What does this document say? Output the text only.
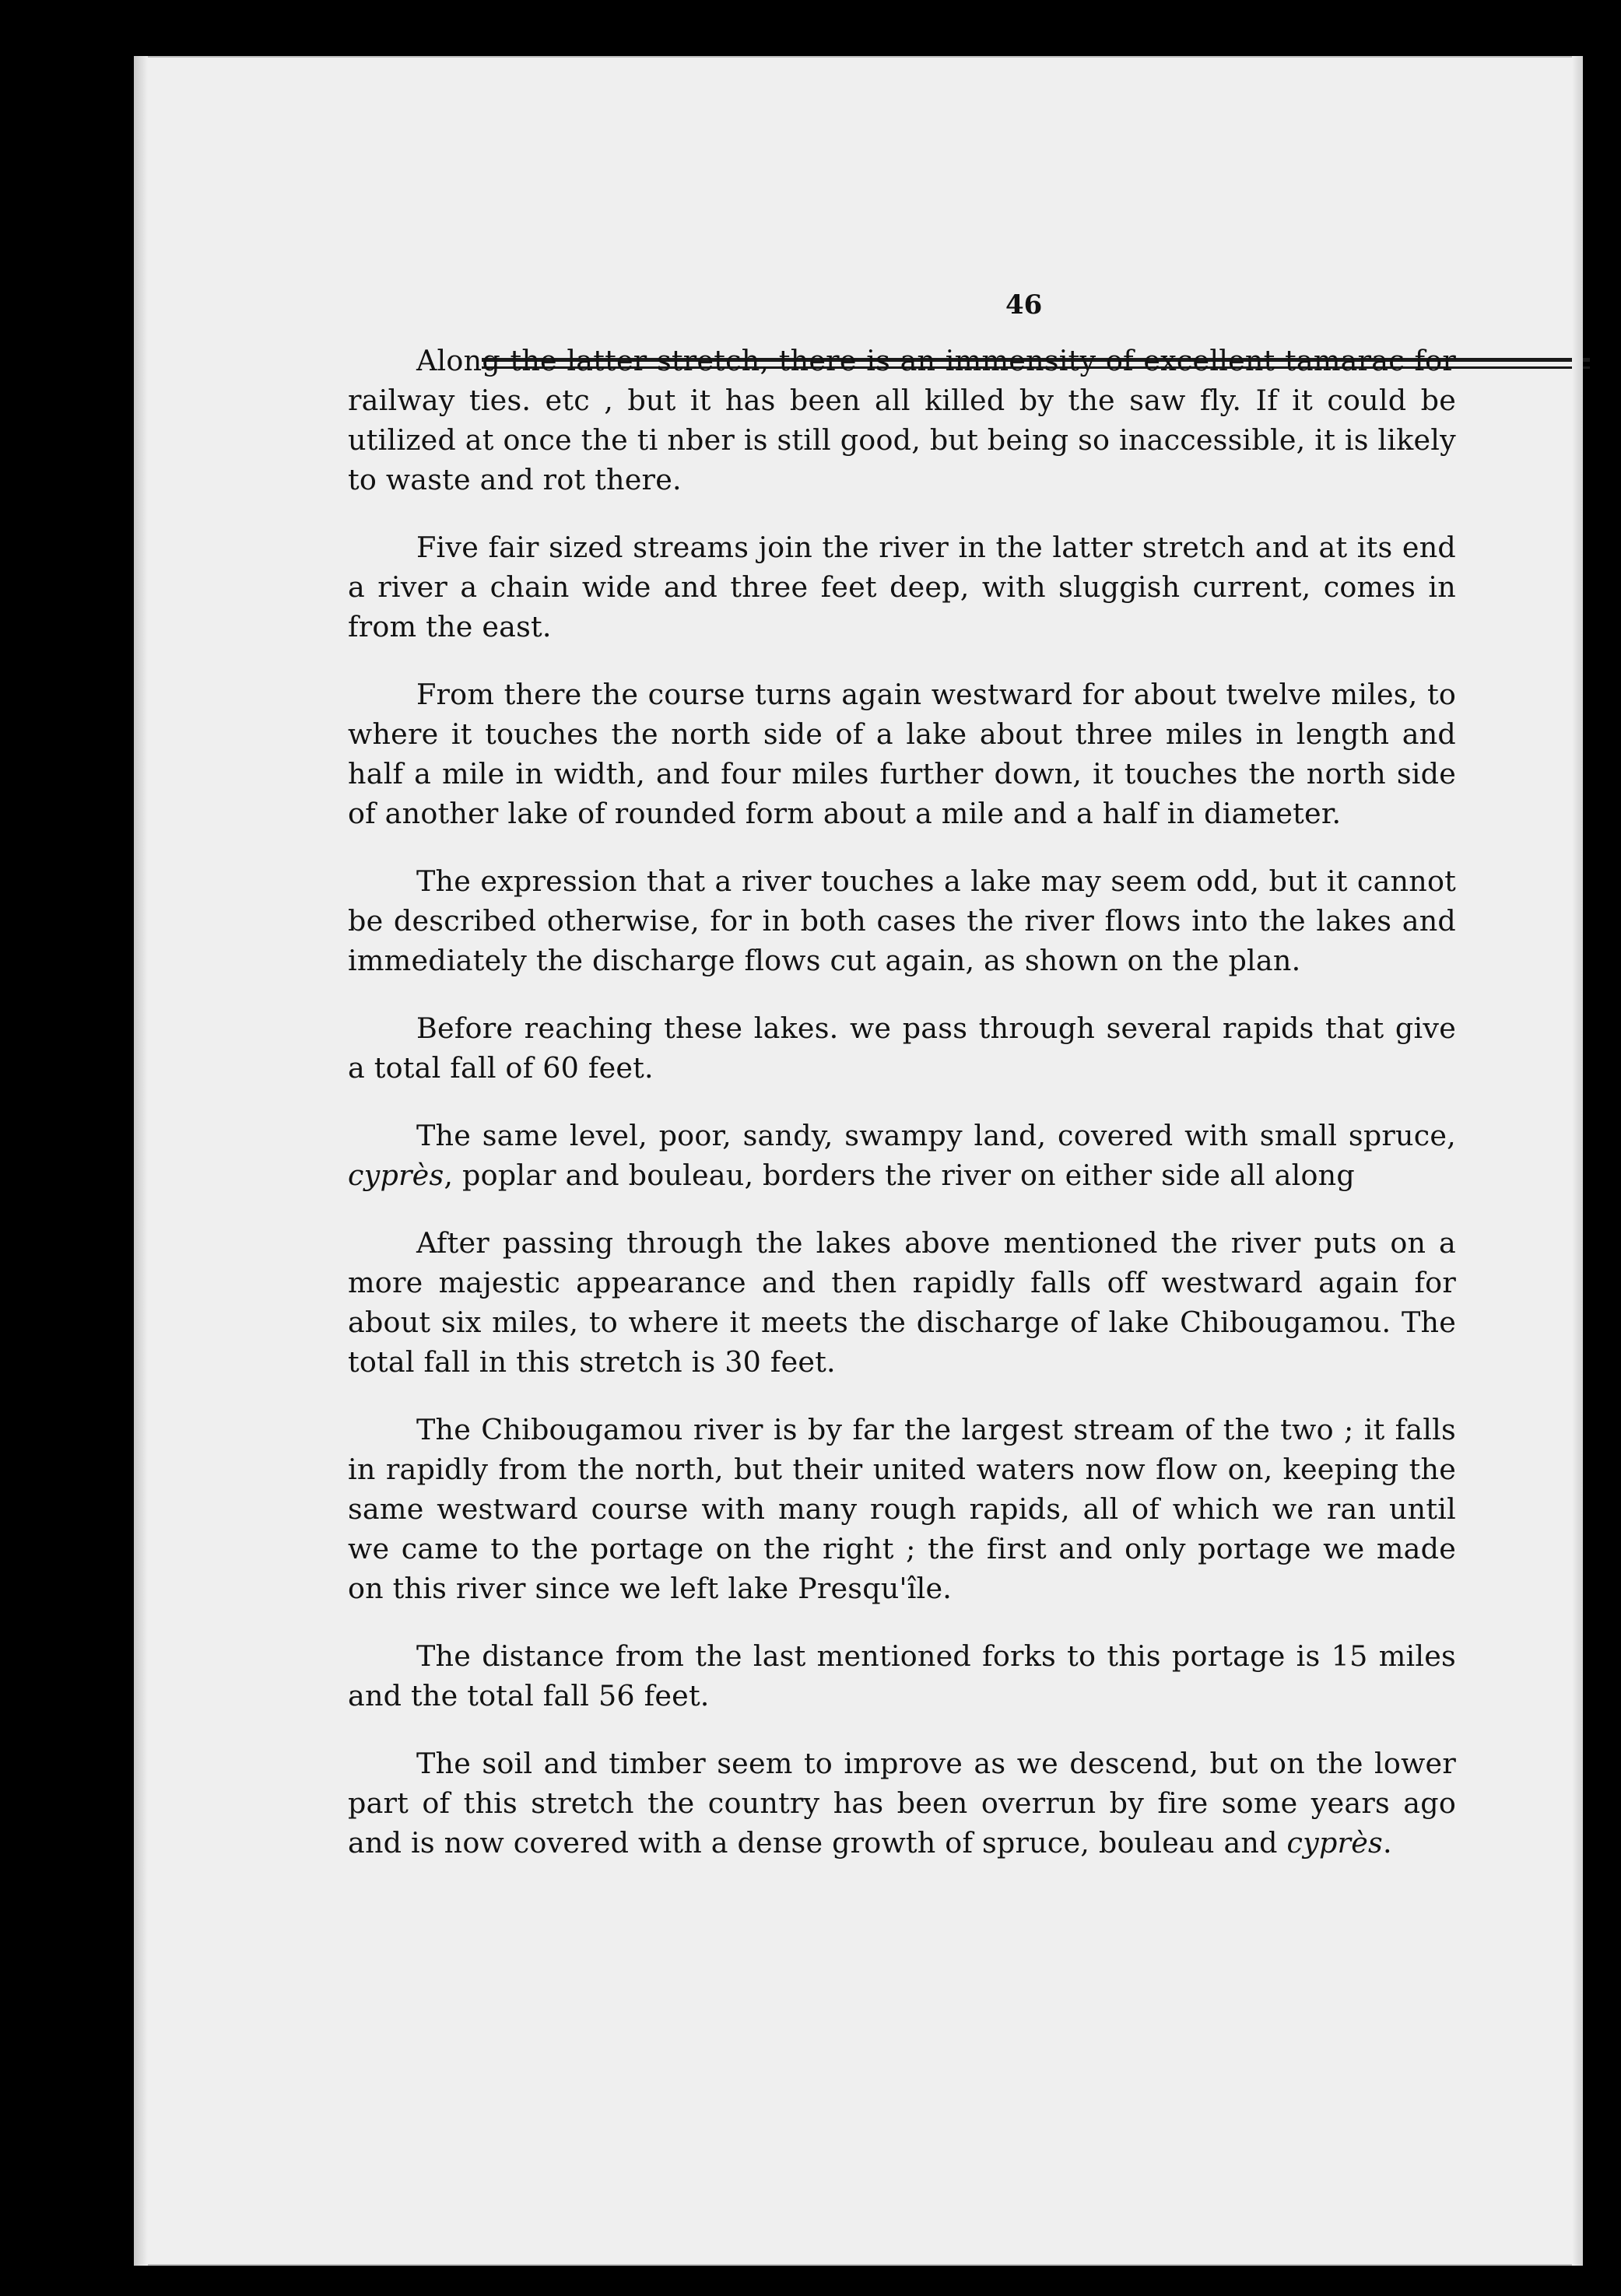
46

Along the latter stretch, there is an immensity of excellent tamarac for railway ties. etc , but it has been all killed by the saw fly. If it could be utilized at once the ti nber is still good, but being so inaccessible, it is likely to waste and rot there.

Five fair sized streams join the river in the latter stretch and at its end a river a chain wide and three feet deep, with sluggish current, comes in from the east.

From there the course turns again westward for about twelve miles, to where it touches the north side of a lake about three miles in length and half a mile in width, and four miles further down, it touches the north side of another lake of rounded form about a mile and a half in diameter.

The expression that a river touches a lake may seem odd, but it cannot be described otherwise, for in both cases the river flows into the lakes and immediately the discharge flows cut again, as shown on the plan.

Before reaching these lakes. we pass through several rapids that give a total fall of 60 feet.

The same level, poor, sandy, swampy land, covered with small spruce, cyprès, poplar and bouleau, borders the river on either side all along

After passing through the lakes above mentioned the river puts on a more majestic appearance and then rapidly falls off westward again for about six miles, to where it meets the discharge of lake Chibougamou. The total fall in this stretch is 30 feet.

The Chibougamou river is by far the largest stream of the two ; it falls in rapidly from the north, but their united waters now flow on, keeping the same westward course with many rough rapids, all of which we ran until we came to the portage on the right ; the first and only portage we made on this river since we left lake Presqu'île.

The distance from the last mentioned forks to this portage is 15 miles and the total fall 56 feet.

The soil and timber seem to improve as we descend, but on the lower part of this stretch the country has been overrun by fire some years ago and is now covered with a dense growth of spruce, bouleau and cyprès.
